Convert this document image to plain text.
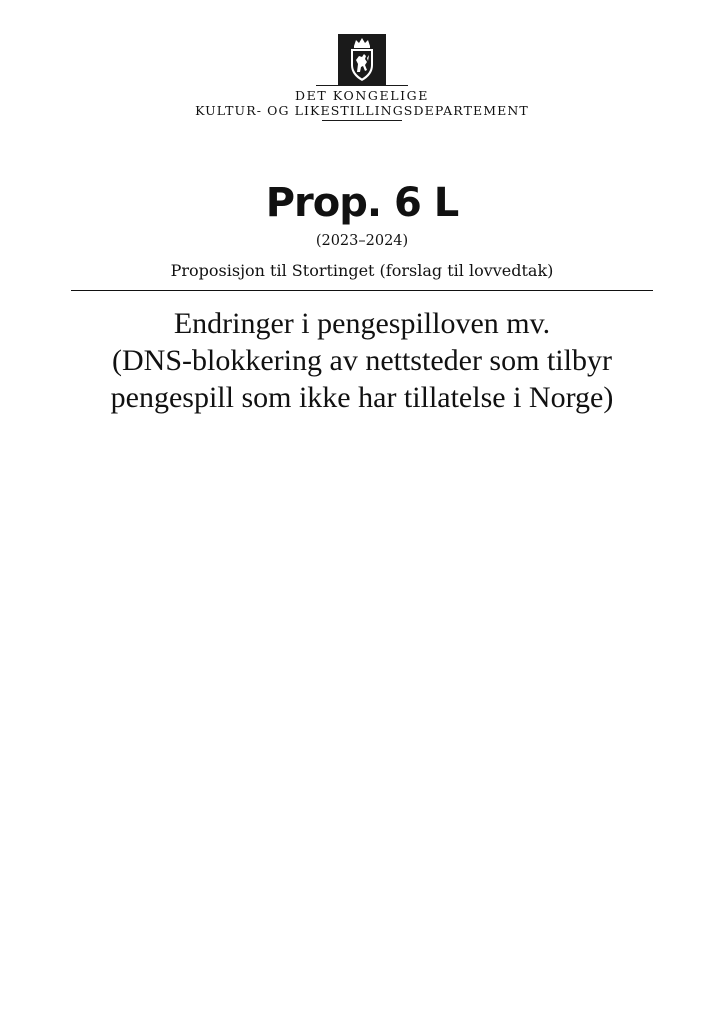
DET KONGELIGE
KULTUR- OG LIKESTILLINGSDEPARTEMENT
Prop. 6 L
(2023–2024)
Proposisjon til Stortinget (forslag til lovvedtak)
Endringer i pengespilloven mv.
(DNS-blokkering av nettsteder som tilbyr
pengespill som ikke har tillatelse i Norge)
